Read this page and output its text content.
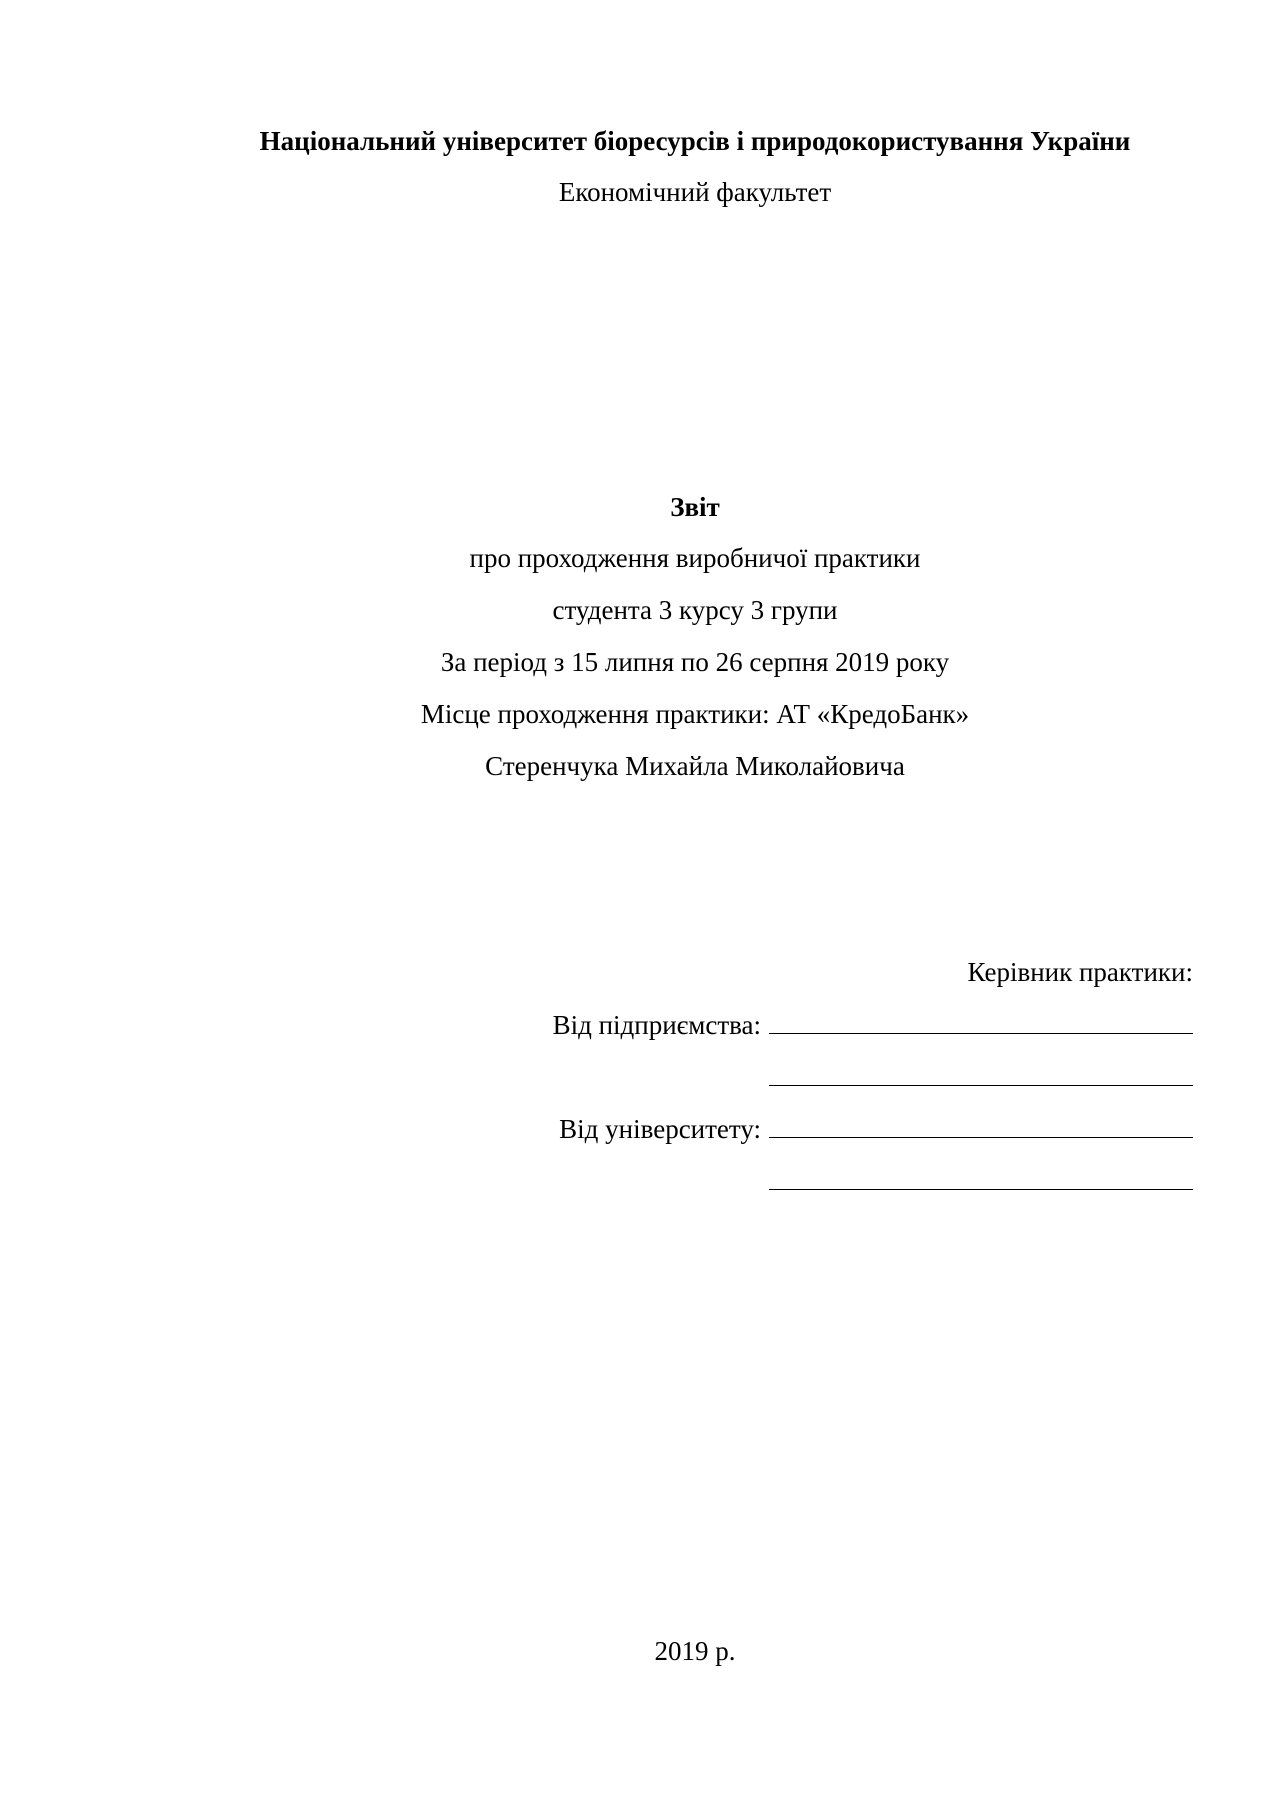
Національний університет біоресурсів і природокористування України
Економічний факультет
Звіт
про проходження виробничої практики
студента 3 курсу 3 групи
За період з 15 липня по 26 серпня 2019 року
Місце проходження практики: АТ «КредоБанк»
Стеренчука Михайла Миколайовича
Керівник практики:
Від підприємства:
Від університету:
2019 р.
